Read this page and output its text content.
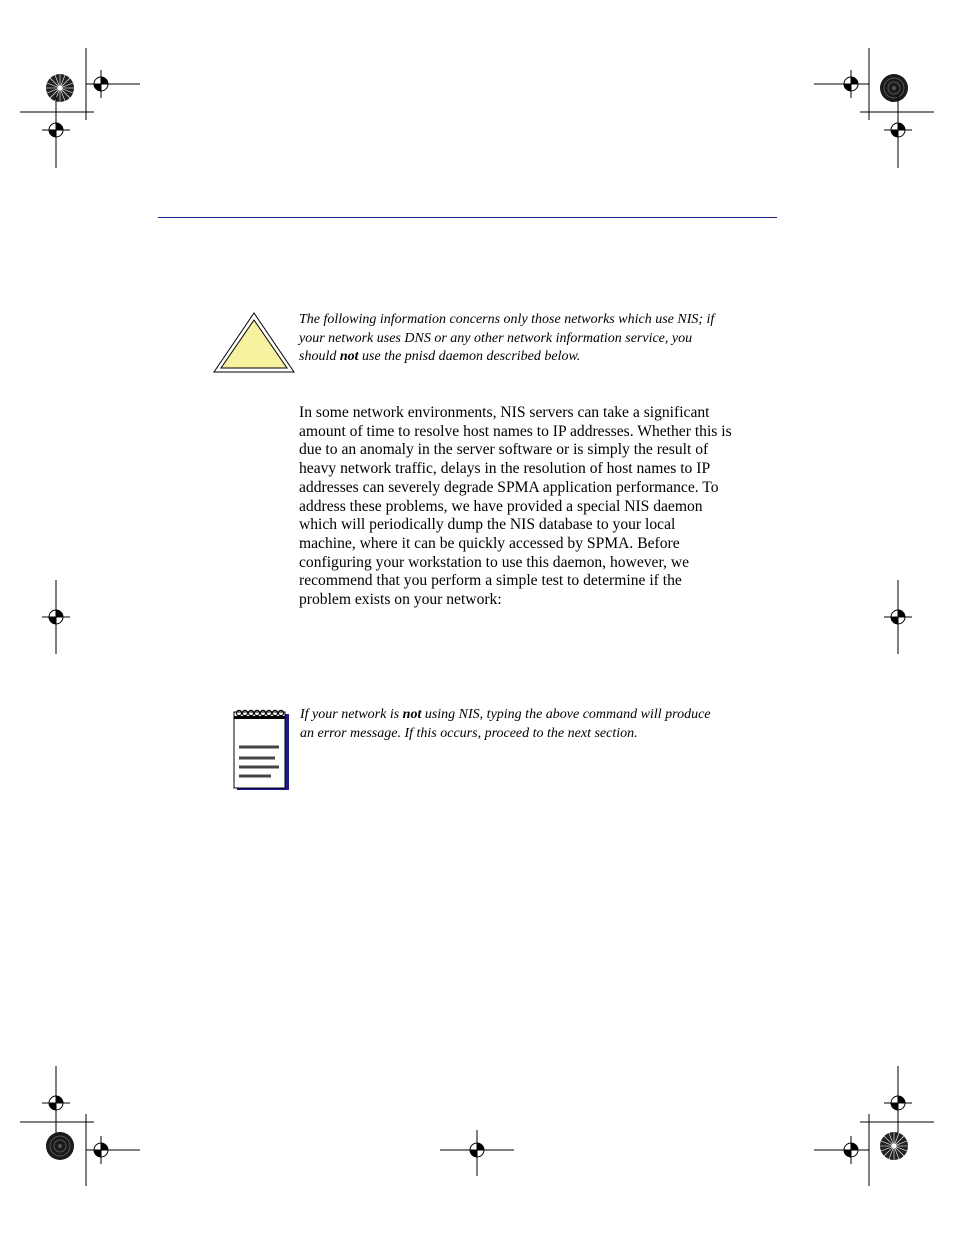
The following information concerns only those networks which use NIS; if
your network uses DNS or any other network information service, you
should not use the pnisd daemon described below.
In some network environments, NIS servers can take a significant
amount of time to resolve host names to IP addresses. Whether this is
due to an anomaly in the server software or is simply the result of
heavy network traffic, delays in the resolution of host names to IP
addresses can severely degrade SPMA application performance. To
address these problems, we have provided a special NIS daemon
which will periodically dump the NIS database to your local
machine, where it can be quickly accessed by SPMA. Before
configuring your workstation to use this daemon, however, we
recommend that you perform a simple test to determine if the
problem exists on your network:
If your network is not using NIS, typing the above command will produce
an error message. If this occurs, proceed to the next section.
